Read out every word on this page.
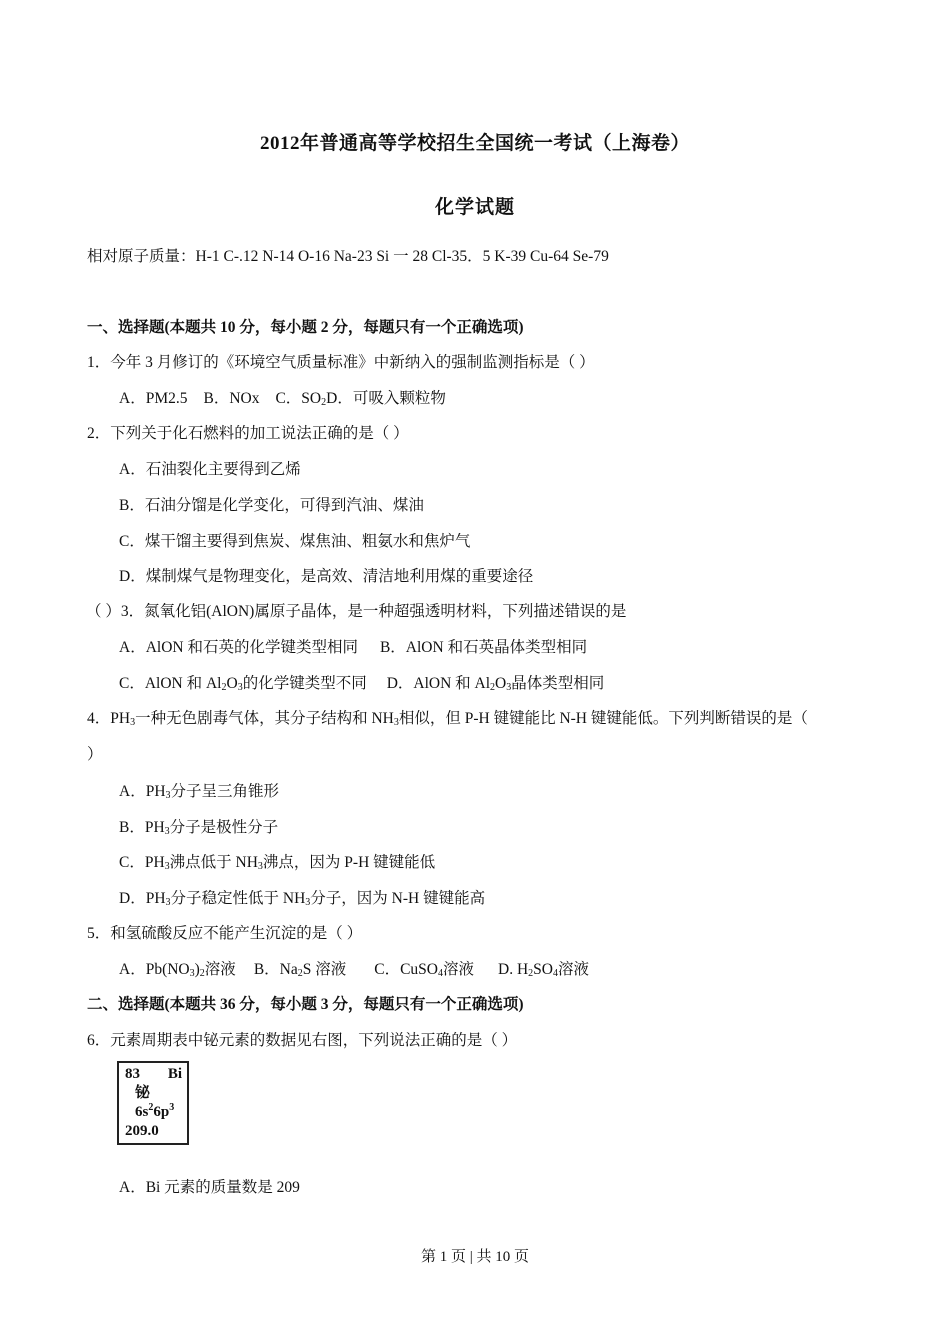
2012年普通高等学校招生全国统一考试（上海卷）
化学试题
相对原子质量：H-1 C-.12 N-14 O-16 Na-23 Si 一 28 Cl-35．5 K-39 Cu-64 Se-79
一、选择题(本题共 10 分，每小题 2 分，每题只有一个正确选项)
1．今年 3 月修订的《环境空气质量标准》中新纳入的强制监测指标是（ ）
A．PM2.5 B．NOx C．$SO_2D$．可吸入颗粒物
2．下列关于化石燃料的加工说法正确的是（ ）
A．石油裂化主要得到乙烯
B．石油分馏是化学变化，可得到汽油、煤油
C．煤干馏主要得到焦炭、煤焦油、粗氨水和焦炉气
D．煤制煤气是物理变化，是高效、清洁地利用煤的重要途径
（ ）3．氮氧化铝(AlON)属原子晶体，是一种超强透明材料，下列描述错误的是
A．AlON 和石英的化学键类型相同 B．AlON 和石英晶体类型相同
C．AlON 和 $Al_2O_3$的化学键类型不同 D．AlON 和 $Al_2O_3$晶体类型相同
4．$PH_3$一种无色剧毒气体，其分子结构和 $NH_3$相似，但 P-H 键键能比 N-H 键键能低。下列判断错误的是（
）
A．$PH_3$分子呈三角锥形
B．$PH_3$分子是极性分子
C．$PH_3$沸点低于 $NH_3$沸点，因为 P-H 键键能低
D．$PH_3$分子稳定性低于 $NH_3$分子，因为 N-H 键键能高
5．和氢硫酸反应不能产生沉淀的是（ ）
A．$Pb(NO_3)_2$溶液 B．$Na_2S$ 溶液 C．CuSO$_4$溶液 D. $H_2SO_4$溶液
二、选择题(本题共 36 分，每小题 3 分，每题只有一个正确选项)
6．元素周期表中铋元素的数据见右图，下列说法正确的是（ ）
83 Bi
铋
$6s^26p^3$
209.0
A．Bi 元素的质量数是 209
第 1 页 | 共 10 页
